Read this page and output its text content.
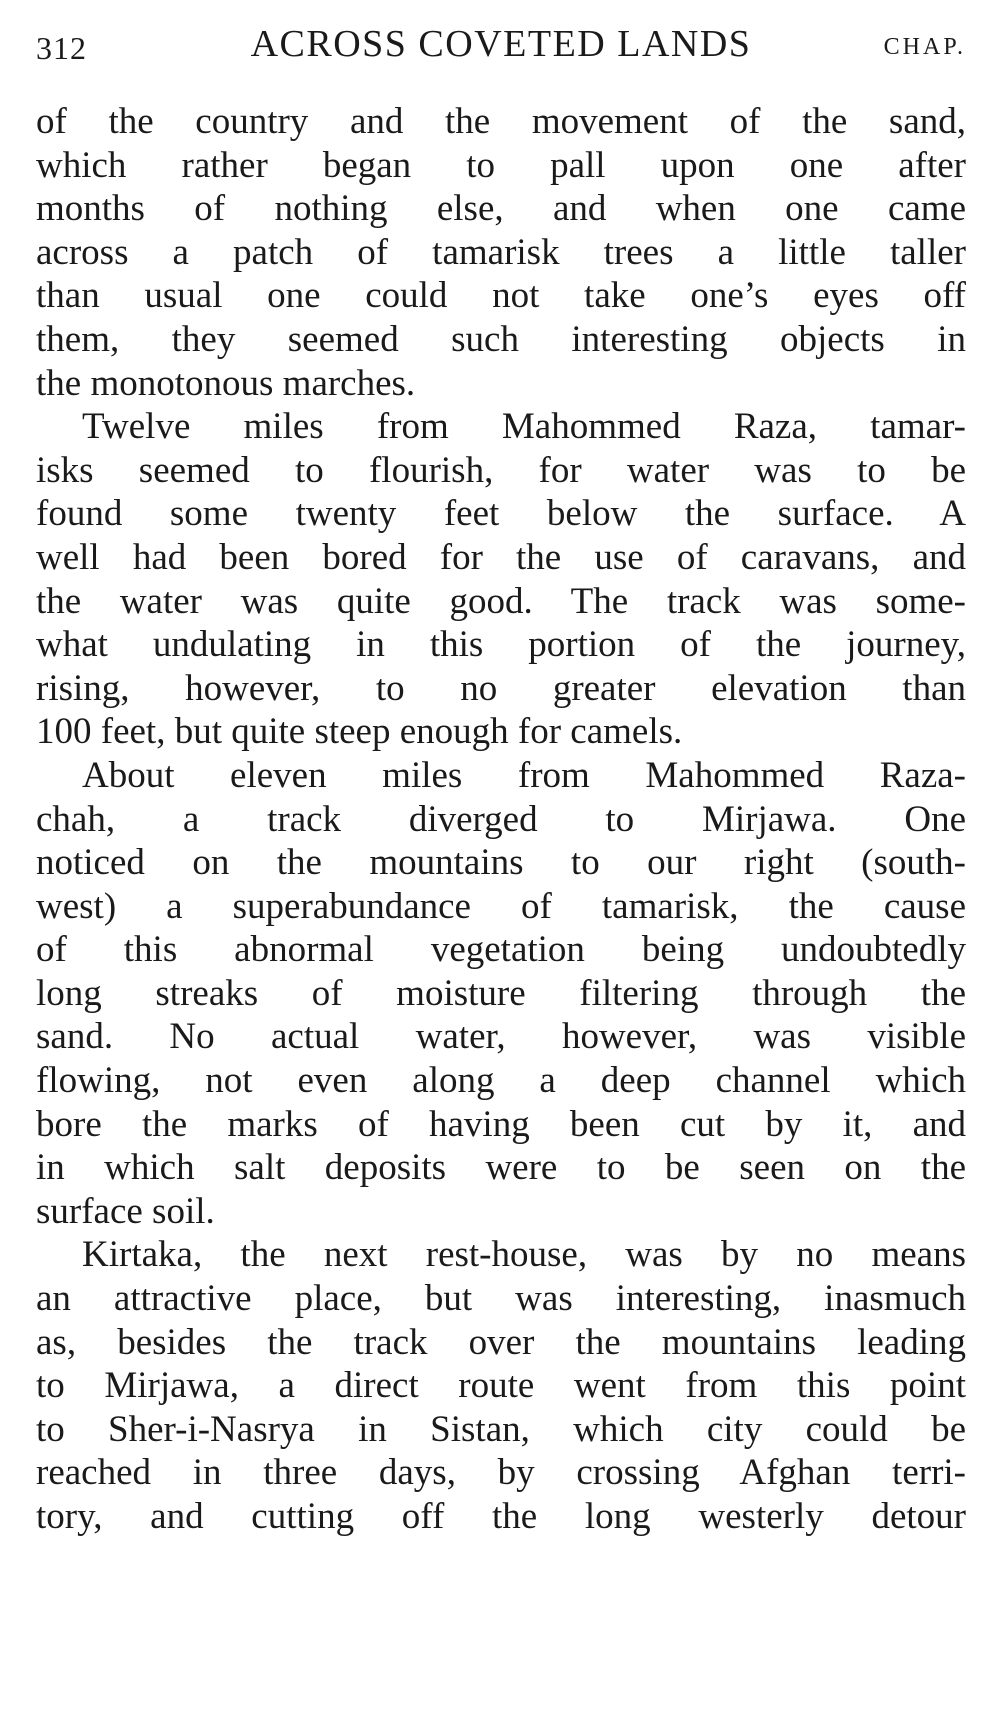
312	ACROSS COVETED LANDS	CHAP.
of the country and the movement of the sand,
which rather began to pall upon one after
months of nothing else, and when one came
across a patch of tamarisk trees a little taller
than usual one could not take one’s eyes off
them, they seemed such interesting objects in
the monotonous marches.
Twelve miles from Mahommed Raza, tamar-
isks seemed to flourish, for water was to be
found some twenty feet below the surface. A
well had been bored for the use of caravans, and
the water was quite good. The track was some-
what undulating in this portion of the journey,
rising, however, to no greater elevation than
100 feet, but quite steep enough for camels.
About eleven miles from Mahommed Raza-
chah, a track diverged to Mirjawa. One
noticed on the mountains to our right (south-
west) a superabundance of tamarisk, the cause
of this abnormal vegetation being undoubtedly
long streaks of moisture filtering through the
sand. No actual water, however, was visible
flowing, not even along a deep channel which
bore the marks of having been cut by it, and
in which salt deposits were to be seen on the
surface soil.
Kirtaka, the next rest-house, was by no means
an attractive place, but was interesting, inasmuch
as, besides the track over the mountains leading
to Mirjawa, a direct route went from this point
to Sher-i-Nasrya in Sistan, which city could be
reached in three days, by crossing Afghan terri-
tory, and cutting off the long westerly detour
